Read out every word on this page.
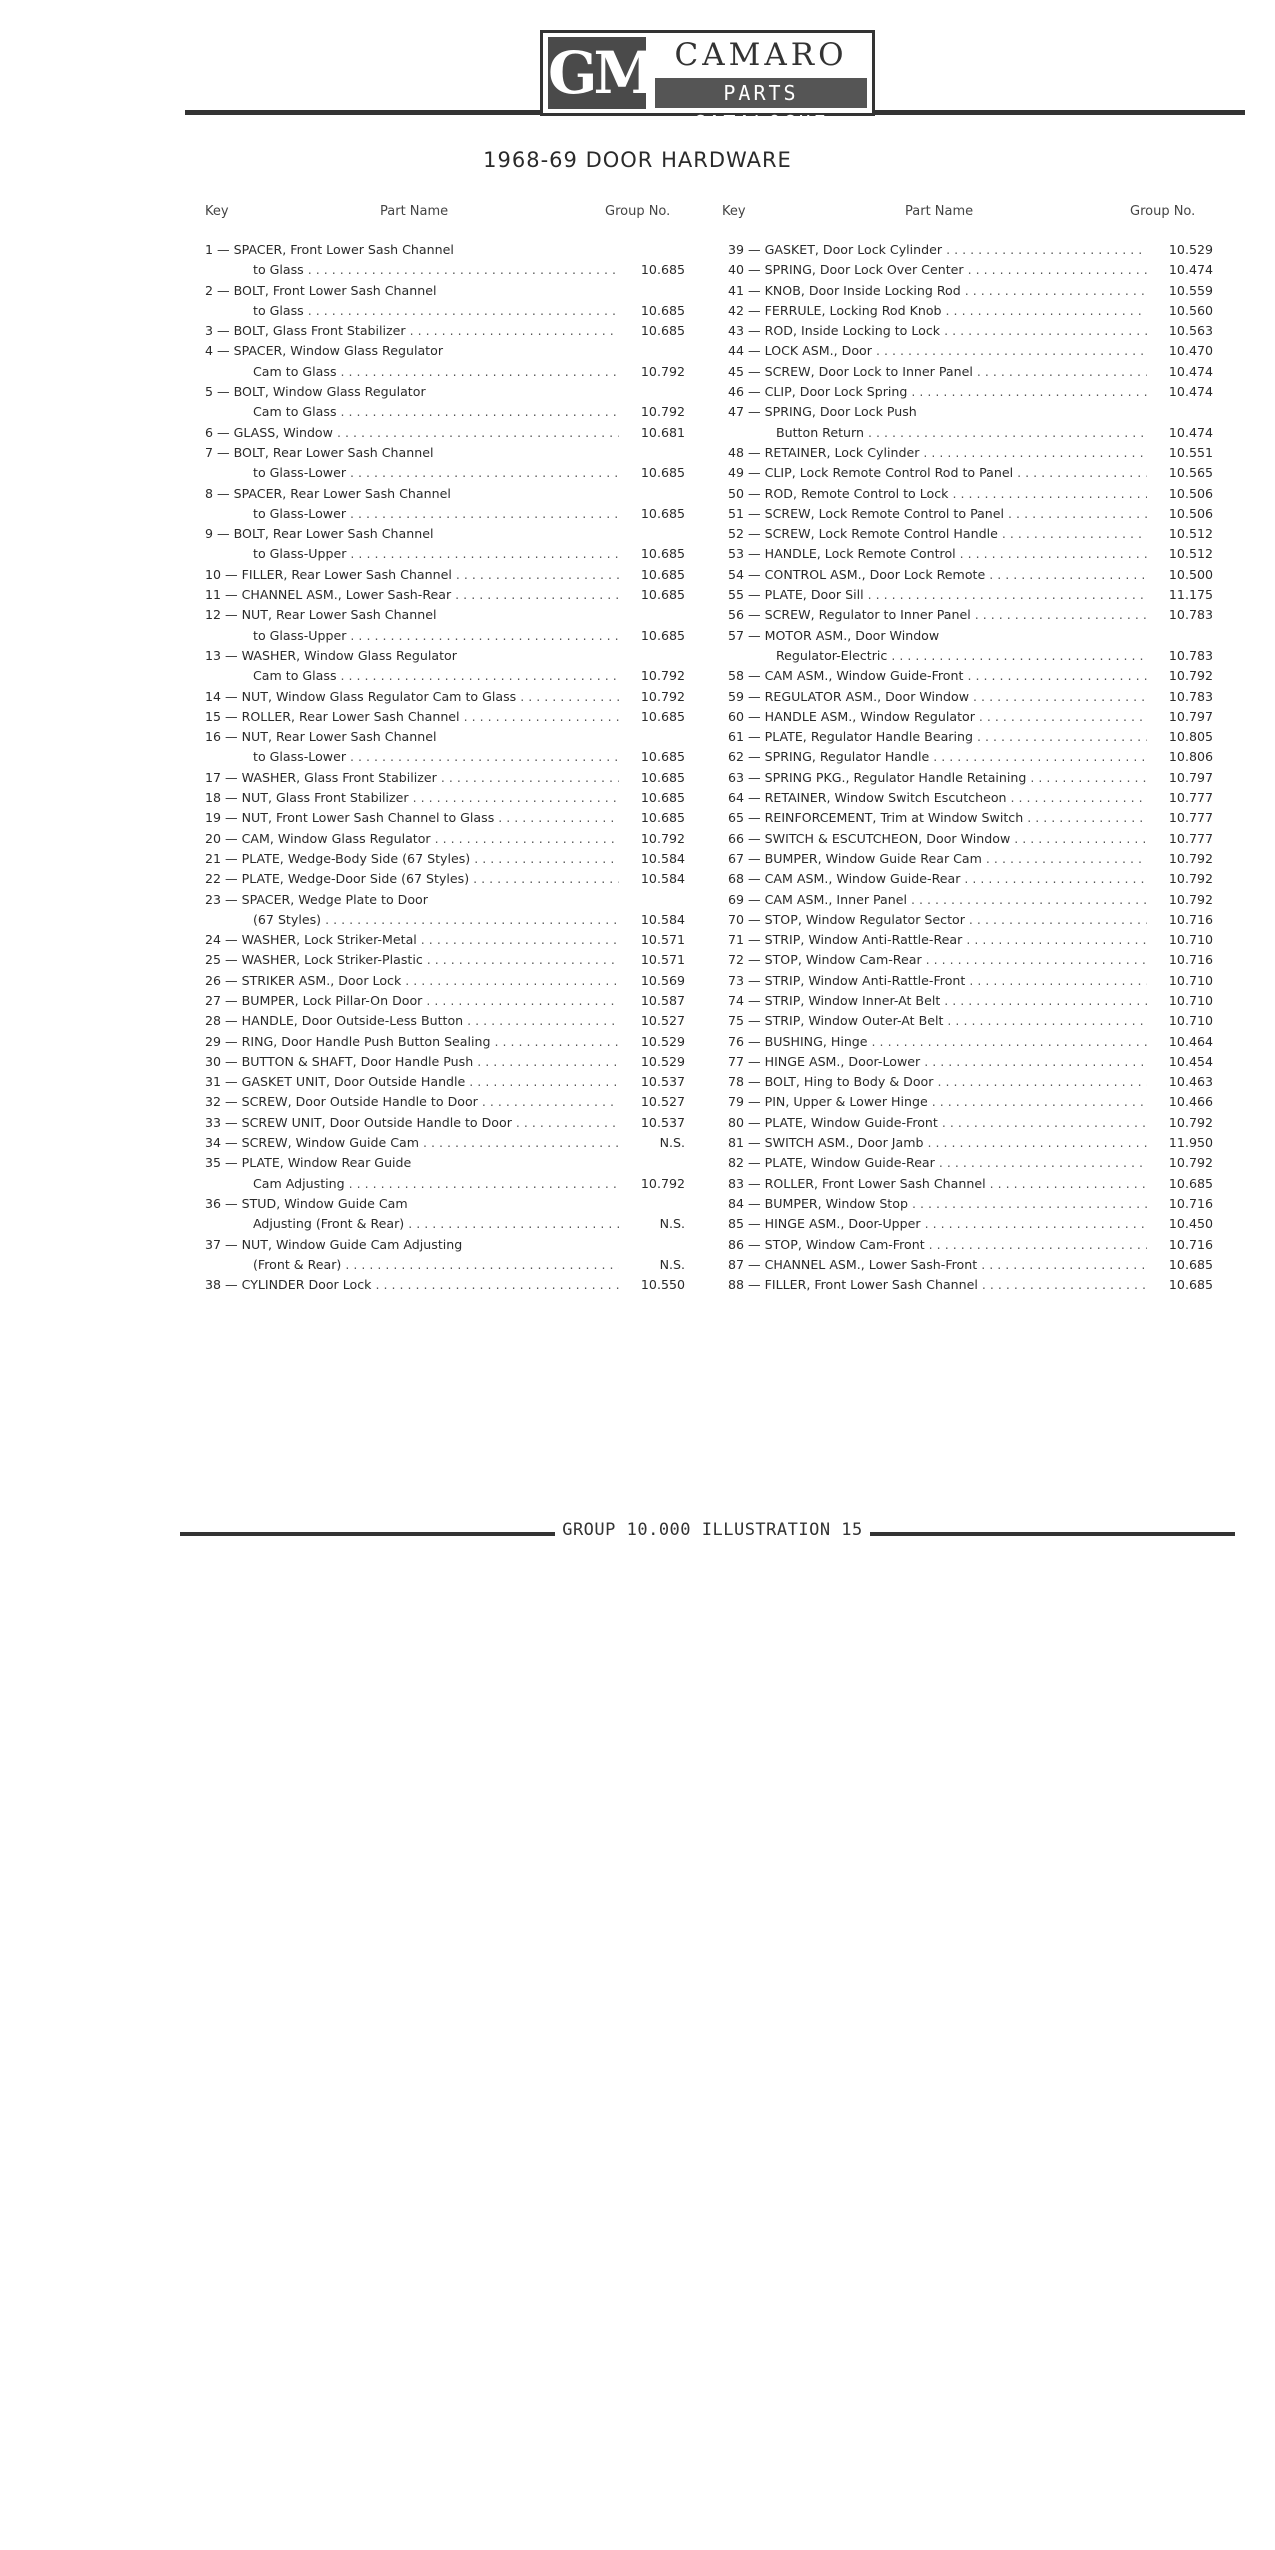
GM CAMARO
PARTS CATALOGUE
1968-69 DOOR HARDWARE
Key	Part Name	Group No.	Key	Part Name	Group No.
1 — SPACER, Front Lower Sash Channel
to Glass . . .	10.685
2 — BOLT, Front Lower Sash Channel
to Glass . . .	10.685
3 — BOLT, Glass Front Stabilizer . . .	10.685
4 — SPACER, Window Glass Regulator
Cam to Glass . . .	10.792
5 — BOLT, Window Glass Regulator
Cam to Glass . . .	10.792
6 — GLASS, Window . . .	10.681
7 — BOLT, Rear Lower Sash Channel
to Glass-Lower . . .	10.685
8 — SPACER, Rear Lower Sash Channel
to Glass-Lower . . .	10.685
9 — BOLT, Rear Lower Sash Channel
to Glass-Upper . . .	10.685
10 — FILLER, Rear Lower Sash Channel . . .	10.685
11 — CHANNEL ASM., Lower Sash-Rear . . .	10.685
12 — NUT, Rear Lower Sash Channel
to Glass-Upper . . .	10.685
13 — WASHER, Window Glass Regulator
Cam to Glass . . .	10.792
14 — NUT, Window Glass Regulator Cam to Glass . . .	10.792
15 — ROLLER, Rear Lower Sash Channel . . .	10.685
16 — NUT, Rear Lower Sash Channel
to Glass-Lower . . .	10.685
17 — WASHER, Glass Front Stabilizer . . .	10.685
18 — NUT, Glass Front Stabilizer . . .	10.685
19 — NUT, Front Lower Sash Channel to Glass . . .	10.685
20 — CAM, Window Glass Regulator . . .	10.792
21 — PLATE, Wedge-Body Side (67 Styles) . . .	10.584
22 — PLATE, Wedge-Door Side (67 Styles) . . .	10.584
23 — SPACER, Wedge Plate to Door
(67 Styles) . . .	10.584
24 — WASHER, Lock Striker-Metal . . .	10.571
25 — WASHER, Lock Striker-Plastic . . .	10.571
26 — STRIKER ASM., Door Lock . . .	10.569
27 — BUMPER, Lock Pillar-On Door . . .	10.587
28 — HANDLE, Door Outside-Less Button . . .	10.527
29 — RING, Door Handle Push Button Sealing . . .	10.529
30 — BUTTON & SHAFT, Door Handle Push . . .	10.529
31 — GASKET UNIT, Door Outside Handle . . .	10.537
32 — SCREW, Door Outside Handle to Door . . .	10.527
33 — SCREW UNIT, Door Outside Handle to Door . . .	10.537
34 — SCREW, Window Guide Cam . . .	N.S.
35 — PLATE, Window Rear Guide
Cam Adjusting . . .	10.792
36 — STUD, Window Guide Cam
Adjusting (Front & Rear) . . .	N.S.
37 — NUT, Window Guide Cam Adjusting
(Front & Rear) . . .	N.S.
38 — CYLINDER Door Lock . . .	10.550
39 — GASKET, Door Lock Cylinder . . .	10.529
40 — SPRING, Door Lock Over Center . . .	10.474
41 — KNOB, Door Inside Locking Rod . . .	10.559
42 — FERRULE, Locking Rod Knob . . .	10.560
43 — ROD, Inside Locking to Lock . . .	10.563
44 — LOCK ASM., Door . . .	10.470
45 — SCREW, Door Lock to Inner Panel . . .	10.474
46 — CLIP, Door Lock Spring . . .	10.474
47 — SPRING, Door Lock Push
Button Return . . .	10.474
48 — RETAINER, Lock Cylinder . . .	10.551
49 — CLIP, Lock Remote Control Rod to Panel . . .	10.565
50 — ROD, Remote Control to Lock . . .	10.506
51 — SCREW, Lock Remote Control to Panel . . .	10.506
52 — SCREW, Lock Remote Control Handle . . .	10.512
53 — HANDLE, Lock Remote Control . . .	10.512
54 — CONTROL ASM., Door Lock Remote . . .	10.500
55 — PLATE, Door Sill . . .	11.175
56 — SCREW, Regulator to Inner Panel . . .	10.783
57 — MOTOR ASM., Door Window
Regulator-Electric . . .	10.783
58 — CAM ASM., Window Guide-Front . . .	10.792
59 — REGULATOR ASM., Door Window . . .	10.783
60 — HANDLE ASM., Window Regulator . . .	10.797
61 — PLATE, Regulator Handle Bearing . . .	10.805
62 — SPRING, Regulator Handle . . .	10.806
63 — SPRING PKG., Regulator Handle Retaining . . .	10.797
64 — RETAINER, Window Switch Escutcheon . . .	10.777
65 — REINFORCEMENT, Trim at Window Switch . . .	10.777
66 — SWITCH & ESCUTCHEON, Door Window . . .	10.777
67 — BUMPER, Window Guide Rear Cam . . .	10.792
68 — CAM ASM., Window Guide-Rear . . .	10.792
69 — CAM ASM., Inner Panel . . .	10.792
70 — STOP, Window Regulator Sector . . .	10.716
71 — STRIP, Window Anti-Rattle-Rear . . .	10.710
72 — STOP, Window Cam-Rear . . .	10.716
73 — STRIP, Window Anti-Rattle-Front . . .	10.710
74 — STRIP, Window Inner-At Belt . . .	10.710
75 — STRIP, Window Outer-At Belt . . .	10.710
76 — BUSHING, Hinge . . .	10.464
77 — HINGE ASM., Door-Lower . . .	10.454
78 — BOLT, Hing to Body & Door . . .	10.463
79 — PIN, Upper & Lower Hinge . . .	10.466
80 — PLATE, Window Guide-Front . . .	10.792
81 — SWITCH ASM., Door Jamb . . .	11.950
82 — PLATE, Window Guide-Rear . . .	10.792
83 — ROLLER, Front Lower Sash Channel . . .	10.685
84 — BUMPER, Window Stop . . .	10.716
85 — HINGE ASM., Door-Upper . . .	10.450
86 — STOP, Window Cam-Front . . .	10.716
87 — CHANNEL ASM., Lower Sash-Front . . .	10.685
88 — FILLER, Front Lower Sash Channel . . .	10.685
GROUP 10.000 ILLUSTRATION 15
